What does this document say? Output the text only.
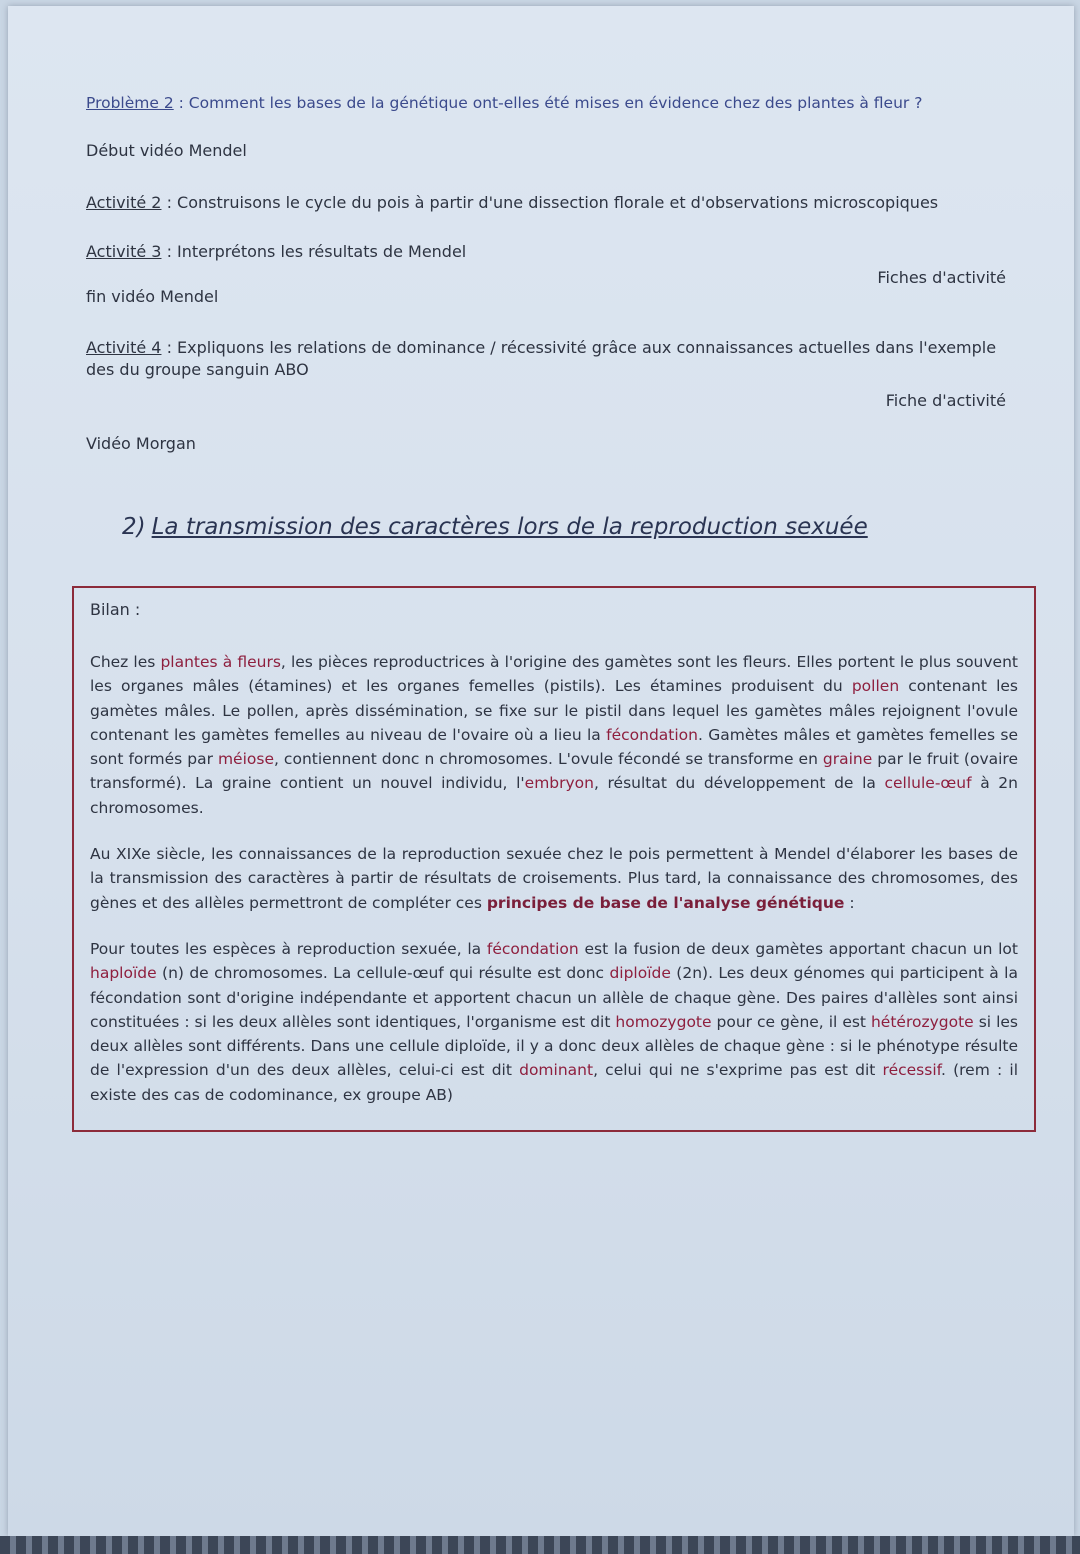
Problème 2 : Comment les bases de la génétique ont-elles été mises en évidence chez des plantes à fleur ?
Début vidéo Mendel
Activité 2 : Construisons le cycle du pois à partir d'une dissection florale et d'observations microscopiques
Activité 3 : Interprétons les résultats de Mendel
Fiches d'activité
fin vidéo Mendel
Activité 4 : Expliquons les relations de dominance / récessivité grâce aux connaissances actuelles dans l'exemple des du groupe sanguin ABO
Fiche d'activité
Vidéo Morgan
2) La transmission des caractères lors de la reproduction sexuée
Bilan :

Chez les plantes à fleurs, les pièces reproductrices à l'origine des gamètes sont les fleurs. Elles portent le plus souvent les organes mâles (étamines) et les organes femelles (pistils). Les étamines produisent du pollen contenant les gamètes mâles. Le pollen, après dissémination, se fixe sur le pistil dans lequel les gamètes mâles rejoignent l'ovule contenant les gamètes femelles au niveau de l'ovaire où a lieu la fécondation. Gamètes mâles et gamètes femelles se sont formés par méiose, contiennent donc n chromosomes. L'ovule fécondé se transforme en graine par le fruit (ovaire transformé). La graine contient un nouvel individu, l'embryon, résultat du développement de la cellule-œuf à 2n chromosomes.

Au XIXe siècle, les connaissances de la reproduction sexuée chez le pois permettent à Mendel d'élaborer les bases de la transmission des caractères à partir de résultats de croisements. Plus tard, la connaissance des chromosomes, des gènes et des allèles permettront de compléter ces principes de base de l'analyse génétique :

Pour toutes les espèces à reproduction sexuée, la fécondation est la fusion de deux gamètes apportant chacun un lot haploïde (n) de chromosomes. La cellule-œuf qui résulte est donc diploïde (2n). Les deux génomes qui participent à la fécondation sont d'origine indépendante et apportent chacun un allèle de chaque gène. Des paires d'allèles sont ainsi constituées : si les deux allèles sont identiques, l'organisme est dit homozygote pour ce gène, il est hétérozygote si les deux allèles sont différents. Dans une cellule diploïde, il y a donc deux allèles de chaque gène : si le phénotype résulte de l'expression d'un des deux allèles, celui-ci est dit dominant, celui qui ne s'exprime pas est dit récessif. (rem : il existe des cas de codominance, ex groupe AB)
